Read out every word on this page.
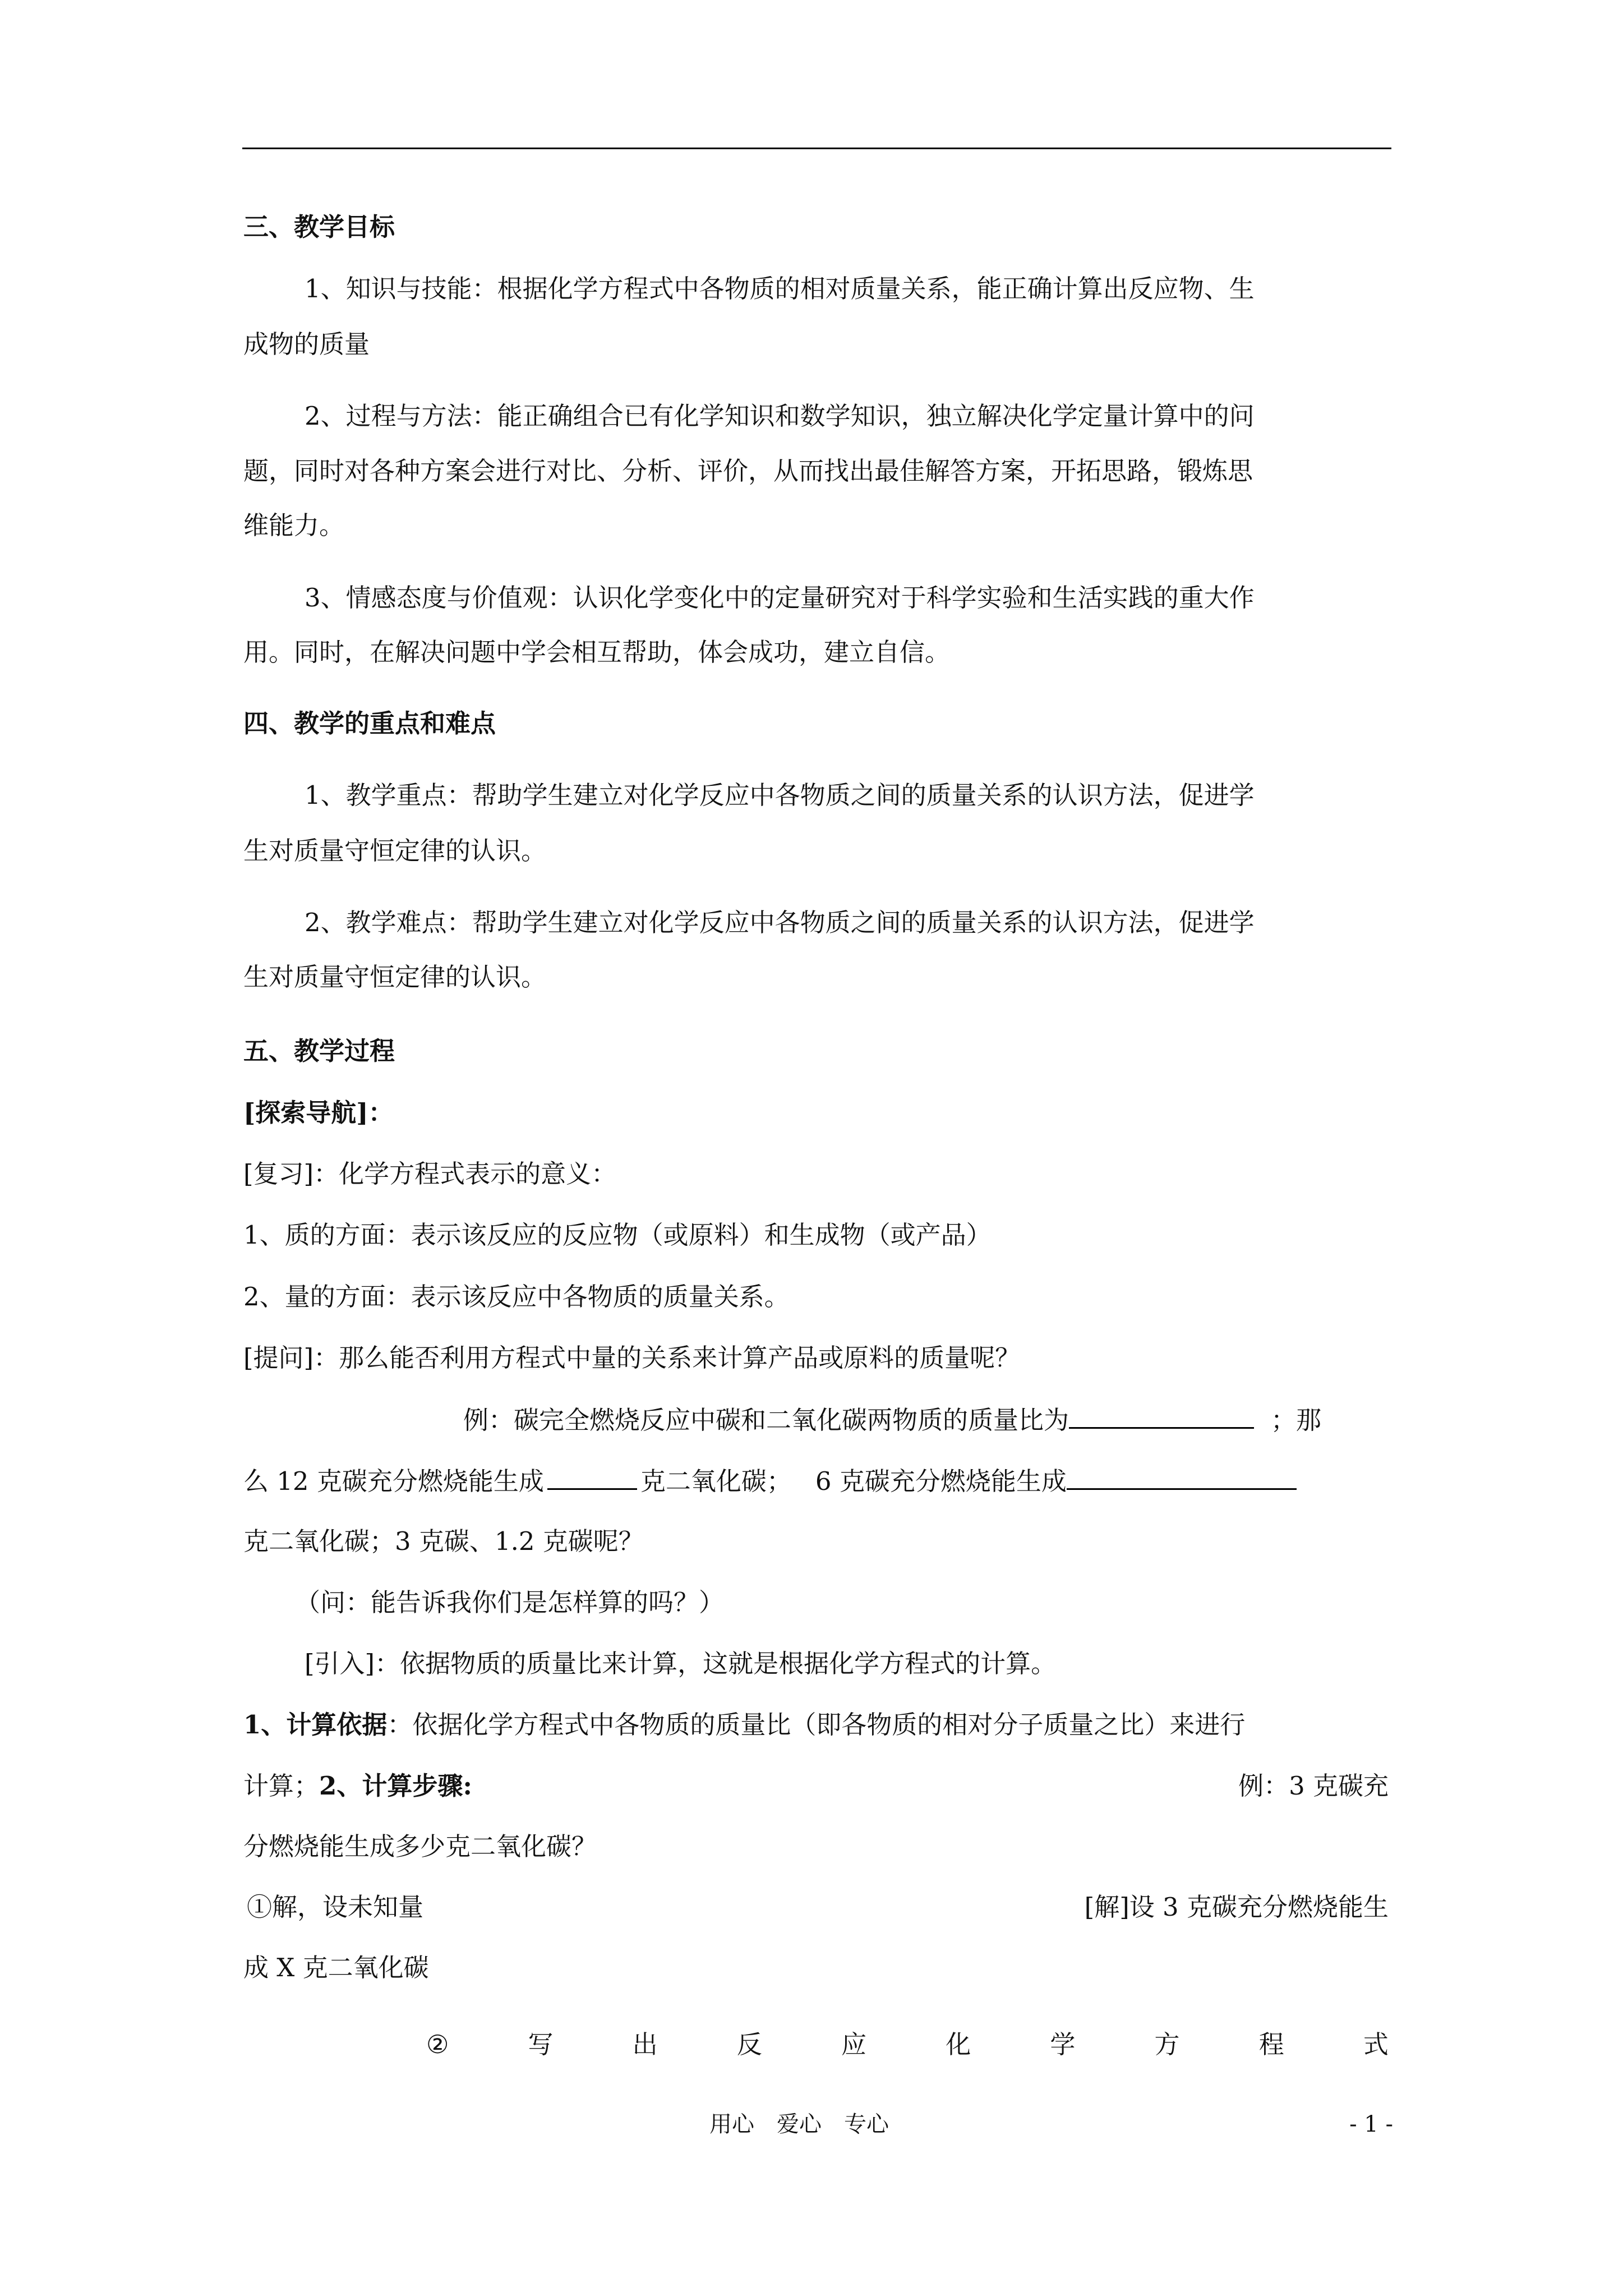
三、教学目标
1、知识与技能：根据化学方程式中各物质的相对质量关系，能正确计算出反应物、生
成物的质量
2、过程与方法：能正确组合已有化学知识和数学知识，独立解决化学定量计算中的问
题，同时对各种方案会进行对比、分析、评价，从而找出最佳解答方案，开拓思路，锻炼思
维能力。
3、情感态度与价值观：认识化学变化中的定量研究对于科学实验和生活实践的重大作
用。同时，在解决问题中学会相互帮助，体会成功，建立自信。
四、教学的重点和难点
1、教学重点：帮助学生建立对化学反应中各物质之间的质量关系的认识方法，促进学
生对质量守恒定律的认识。
2、教学难点：帮助学生建立对化学反应中各物质之间的质量关系的认识方法，促进学
生对质量守恒定律的认识。
五、教学过程
[探索导航]：
[复习]：化学方程式表示的意义：
1、质的方面：表示该反应的反应物（或原料）和生成物（或产品）
2、量的方面：表示该反应中各物质的质量关系。
[提问]：那么能否利用方程式中量的关系来计算产品或原料的质量呢？
例：碳完全燃烧反应中碳和二氧化碳两物质的质量比为	；那
么 12 克碳充分燃烧能生成	克二氧化碳； 6 克碳充分燃烧能生成
克二氧化碳；3 克碳、1.2 克碳呢？
（问：能告诉我你们是怎样算的吗？）
[引入]：依据物质的质量比来计算，这就是根据化学方程式的计算。
1、计算依据：依据化学方程式中各物质的质量比（即各物质的相对分子质量之比）来进行
计算；2、计算步骤:	例：3 克碳充
分燃烧能生成多少克二氧化碳？
①解，设未知量	[解]设 3 克碳充分燃烧能生
成 X 克二氧化碳
②	写	出	反	应	化	学	方	程	式
用心　爱心　专心	- 1 -
